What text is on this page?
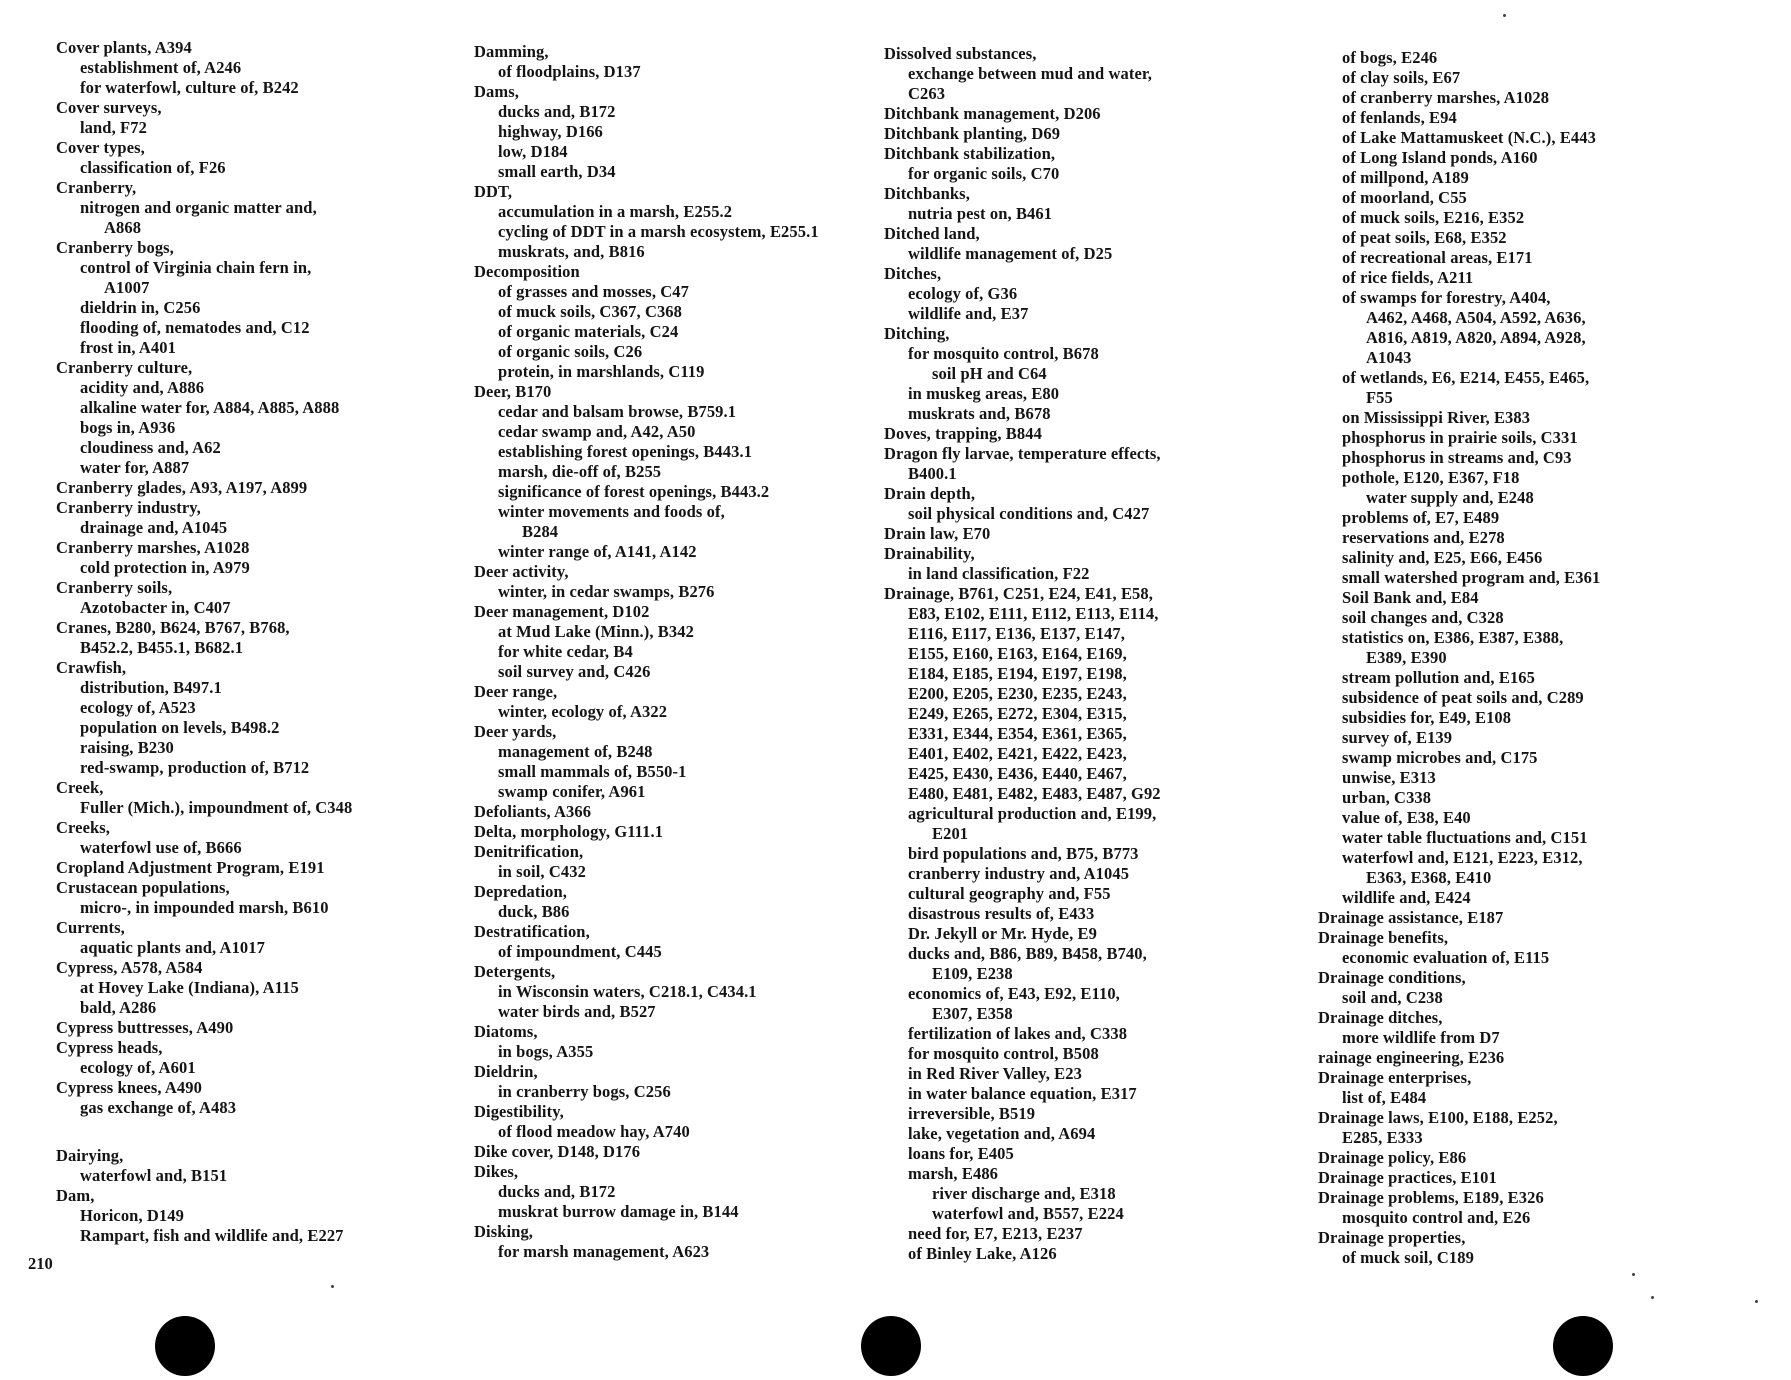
Cover plants, A394
establishment of, A246
for waterfowl, culture of, B242
Cover surveys,
land, F72
Cover types,
classification of, F26
Cranberry,
nitrogen and organic matter and,
A868
Cranberry bogs,
control of Virginia chain fern in,
A1007
dieldrin in, C256
flooding of, nematodes and, C12
frost in, A401
Cranberry culture,
acidity and, A886
alkaline water for, A884, A885, A888
bogs in, A936
cloudiness and, A62
water for, A887
Cranberry glades, A93, A197, A899
Cranberry industry,
drainage and, A1045
Cranberry marshes, A1028
cold protection in, A979
Cranberry soils,
Azotobacter in, C407
Cranes, B280, B624, B767, B768,
B452.2, B455.1, B682.1
Crawfish,
distribution, B497.1
ecology of, A523
population on levels, B498.2
raising, B230
red-swamp, production of, B712
Creek,
Fuller (Mich.), impoundment of, C348
Creeks,
waterfowl use of, B666
Cropland Adjustment Program, E191
Crustacean populations,
micro-, in impounded marsh, B610
Currents,
aquatic plants and, A1017
Cypress, A578, A584
at Hovey Lake (Indiana), A115
bald, A286
Cypress buttresses, A490
Cypress heads,
ecology of, A601
Cypress knees, A490
gas exchange of, A483
Dairying,
waterfowl and, B151
Dam,
Horicon, D149
Rampart, fish and wildlife and, E227
Damming,
of floodplains, D137
Dams,
ducks and, B172
highway, D166
low, D184
small earth, D34
DDT,
accumulation in a marsh, E255.2
cycling of DDT in a marsh ecosystem, E255.1
muskrats, and, B816
Decomposition
of grasses and mosses, C47
of muck soils, C367, C368
of organic materials, C24
of organic soils, C26
protein, in marshlands, C119
Deer, B170
cedar and balsam browse, B759.1
cedar swamp and, A42, A50
establishing forest openings, B443.1
marsh, die-off of, B255
significance of forest openings, B443.2
winter movements and foods of,
B284
winter range of, A141, A142
Deer activity,
winter, in cedar swamps, B276
Deer management, D102
at Mud Lake (Minn.), B342
for white cedar, B4
soil survey and, C426
Deer range,
winter, ecology of, A322
Deer yards,
management of, B248
small mammals of, B550-1
swamp conifer, A961
Defoliants, A366
Delta, morphology, G111.1
Denitrification,
in soil, C432
Depredation,
duck, B86
Destratification,
of impoundment, C445
Detergents,
in Wisconsin waters, C218.1, C434.1
water birds and, B527
Diatoms,
in bogs, A355
Dieldrin,
in cranberry bogs, C256
Digestibility,
of flood meadow hay, A740
Dike cover, D148, D176
Dikes,
ducks and, B172
muskrat burrow damage in, B144
Disking,
for marsh management, A623
Dissolved substances,
exchange between mud and water,
C263
Ditchbank management, D206
Ditchbank planting, D69
Ditchbank stabilization,
for organic soils, C70
Ditchbanks,
nutria pest on, B461
Ditched land,
wildlife management of, D25
Ditches,
ecology of, G36
wildlife and, E37
Ditching,
for mosquito control, B678
soil pH and C64
in muskeg areas, E80
muskrats and, B678
Doves, trapping, B844
Dragon fly larvae, temperature effects,
B400.1
Drain depth,
soil physical conditions and, C427
Drain law, E70
Drainability,
in land classification, F22
Drainage, B761, C251, E24, E41, E58,
E83, E102, E111, E112, E113, E114,
E116, E117, E136, E137, E147,
E155, E160, E163, E164, E169,
E184, E185, E194, E197, E198,
E200, E205, E230, E235, E243,
E249, E265, E272, E304, E315,
E331, E344, E354, E361, E365,
E401, E402, E421, E422, E423,
E425, E430, E436, E440, E467,
E480, E481, E482, E483, E487, G92
agricultural production and, E199,
E201
bird populations and, B75, B773
cranberry industry and, A1045
cultural geography and, F55
disastrous results of, E433
Dr. Jekyll or Mr. Hyde, E9
ducks and, B86, B89, B458, B740,
E109, E238
economics of, E43, E92, E110,
E307, E358
fertilization of lakes and, C338
for mosquito control, B508
in Red River Valley, E23
in water balance equation, E317
irreversible, B519
lake, vegetation and, A694
loans for, E405
marsh, E486
river discharge and, E318
waterfowl and, B557, E224
need for, E7, E213, E237
of Binley Lake, A126
of bogs, E246
of clay soils, E67
of cranberry marshes, A1028
of fenlands, E94
of Lake Mattamuskeet (N.C.), E443
of Long Island ponds, A160
of millpond, A189
of moorland, C55
of muck soils, E216, E352
of peat soils, E68, E352
of recreational areas, E171
of rice fields, A211
of swamps for forestry, A404,
A462, A468, A504, A592, A636,
A816, A819, A820, A894, A928,
A1043
of wetlands, E6, E214, E455, E465,
F55
on Mississippi River, E383
phosphorus in prairie soils, C331
phosphorus in streams and, C93
pothole, E120, E367, F18
water supply and, E248
problems of, E7, E489
reservations and, E278
salinity and, E25, E66, E456
small watershed program and, E361
Soil Bank and, E84
soil changes and, C328
statistics on, E386, E387, E388,
E389, E390
stream pollution and, E165
subsidence of peat soils and, C289
subsidies for, E49, E108
survey of, E139
swamp microbes and, C175
unwise, E313
urban, C338
value of, E38, E40
water table fluctuations and, C151
waterfowl and, E121, E223, E312,
E363, E368, E410
wildlife and, E424
Drainage assistance, E187
Drainage benefits,
economic evaluation of, E115
Drainage conditions,
soil and, C238
Drainage ditches,
more wildlife from D7
rainage engineering, E236
Drainage enterprises,
list of, E484
Drainage laws, E100, E188, E252,
E285, E333
Drainage policy, E86
Drainage practices, E101
Drainage problems, E189, E326
mosquito control and, E26
Drainage properties,
of muck soil, C189
210
